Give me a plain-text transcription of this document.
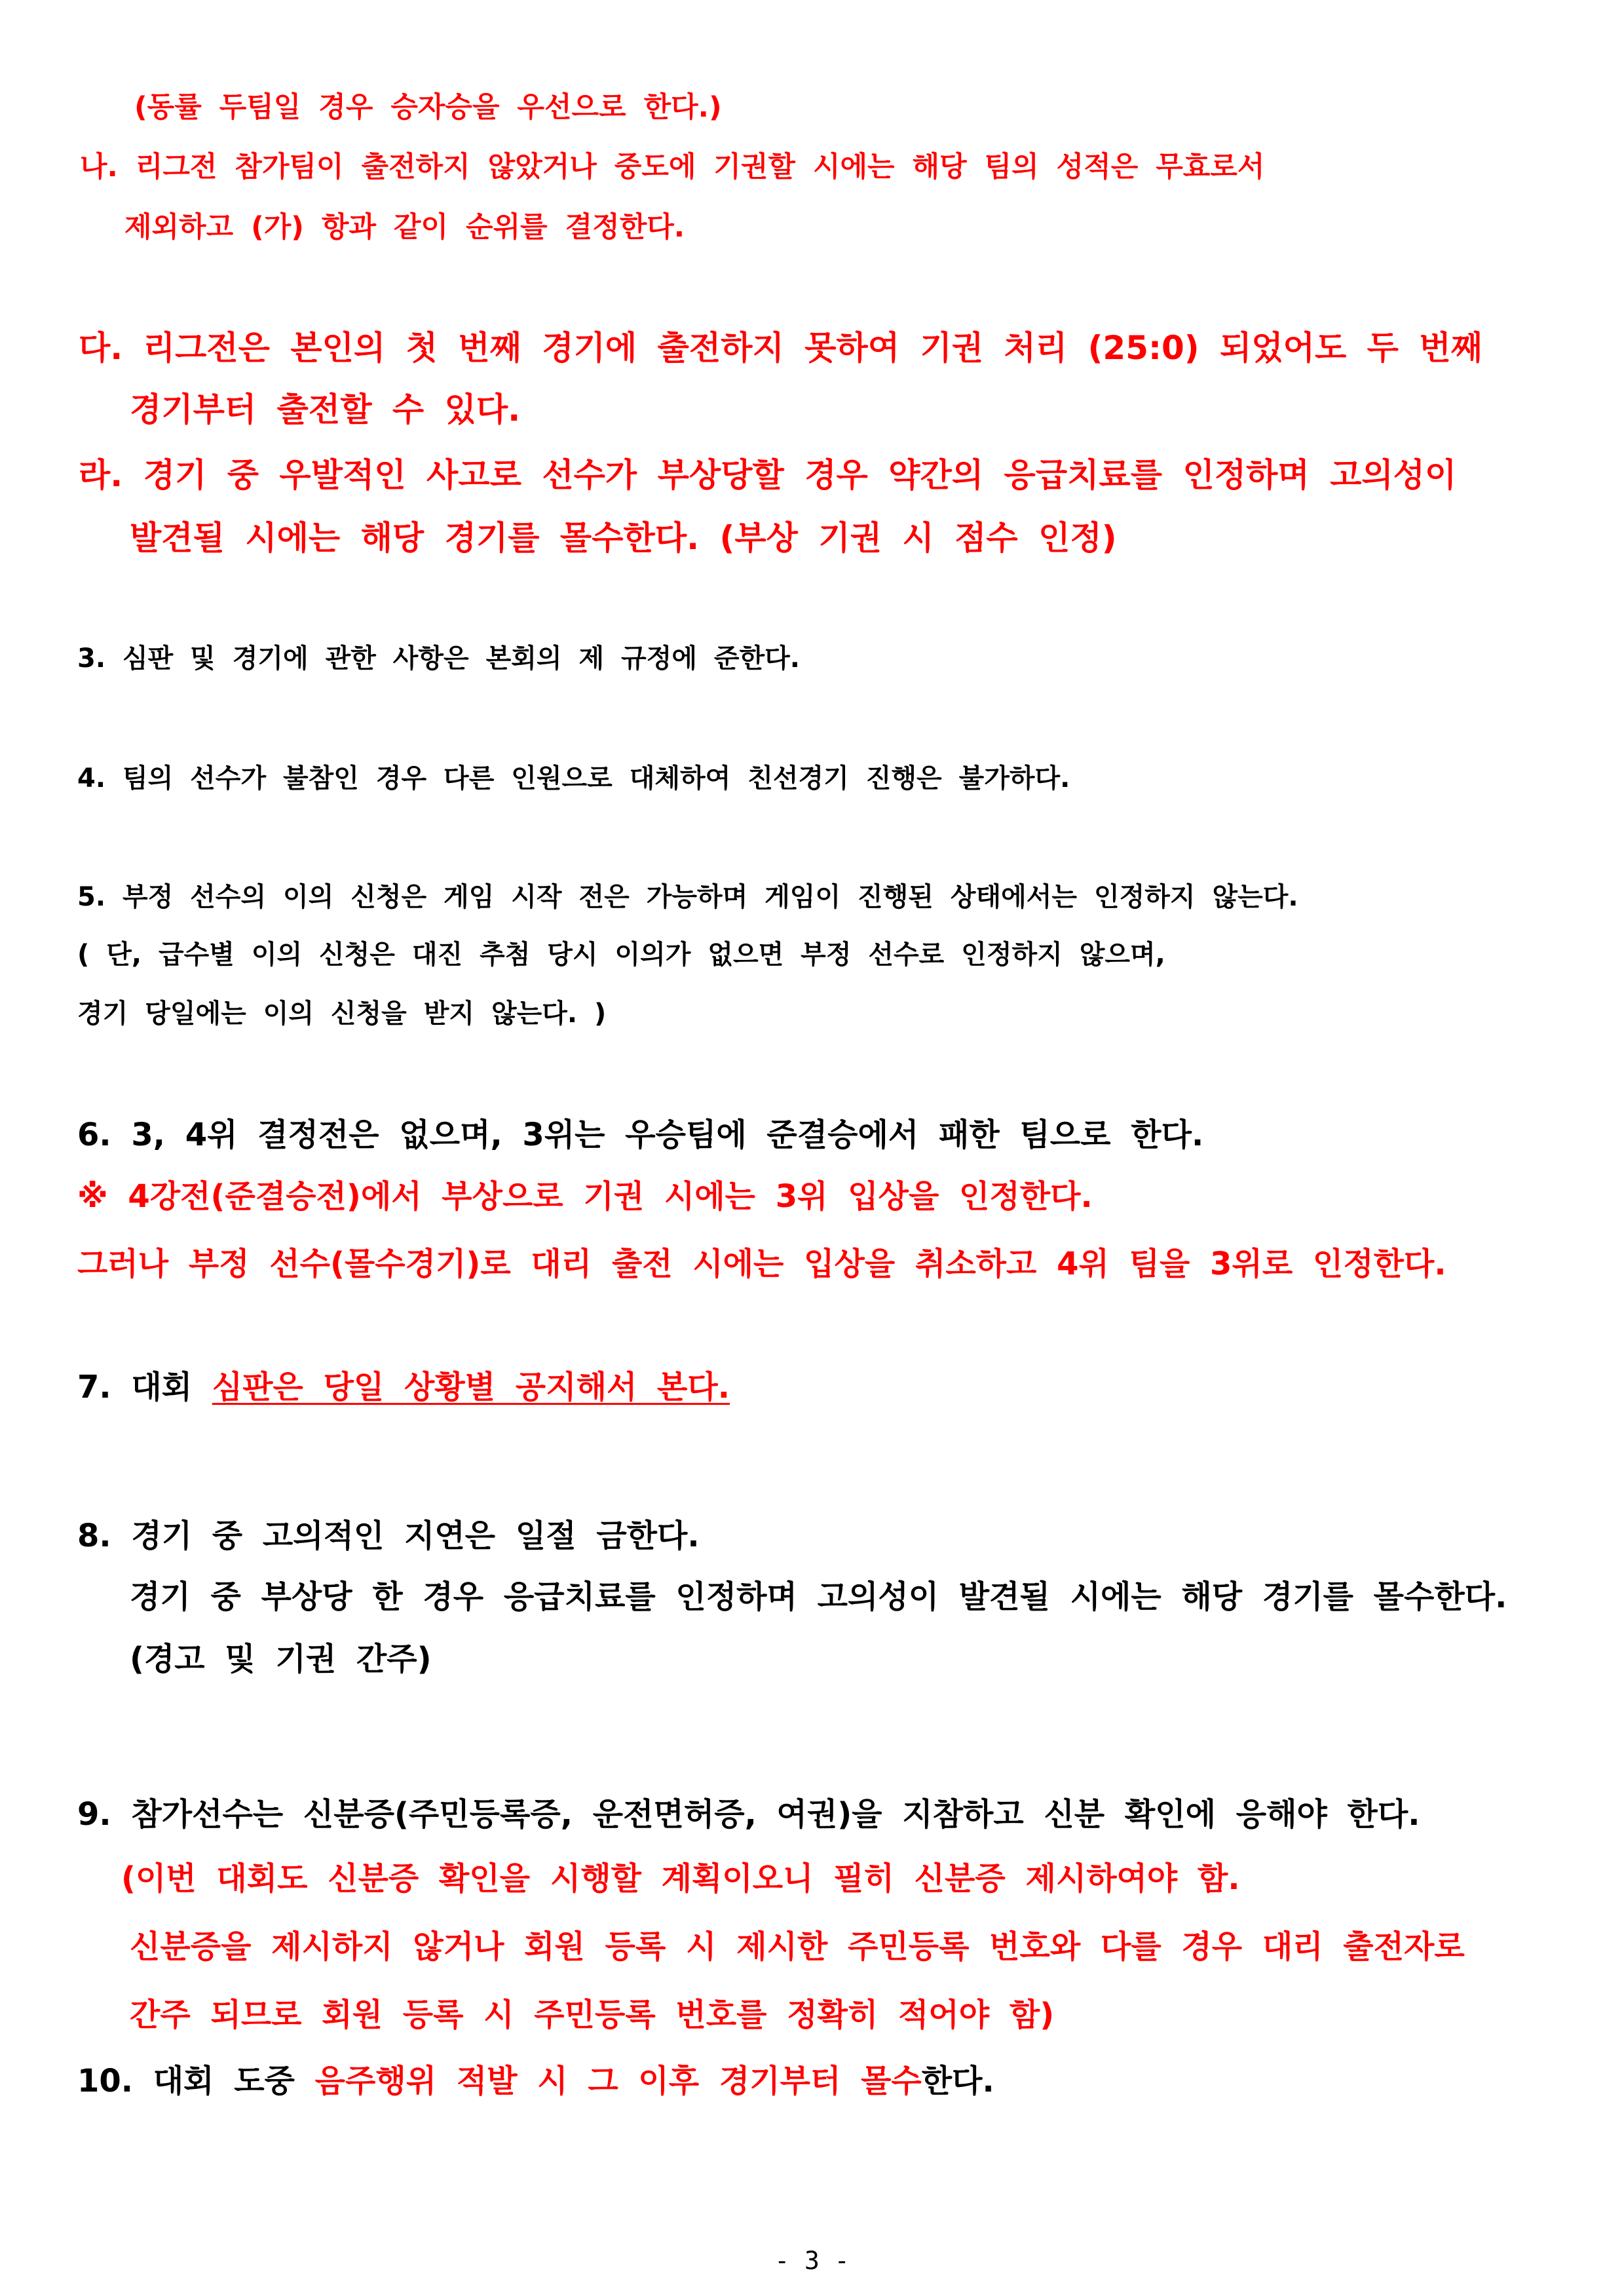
(동률 두팀일 경우 승자승을 우선으로 한다.)
나. 리그전 참가팀이 출전하지 않았거나 중도에 기권할 시에는 해당 팀의 성적은 무효로서
제외하고 (가) 항과 같이 순위를 결정한다.
다. 리그전은 본인의 첫 번째 경기에 출전하지 못하여 기권 처리 (25:0) 되었어도 두 번째
경기부터 출전할 수 있다.
라. 경기 중 우발적인 사고로 선수가 부상당할 경우 약간의 응급치료를 인정하며 고의성이
발견될 시에는 해당 경기를 몰수한다. (부상 기권 시 점수 인정)
3. 심판 및 경기에 관한 사항은 본회의 제 규정에 준한다.
4. 팀의 선수가 불참인 경우 다른 인원으로 대체하여 친선경기 진행은 불가하다.
5. 부정 선수의 이의 신청은 게임 시작 전은 가능하며 게임이 진행된 상태에서는 인정하지 않는다.
( 단, 급수별 이의 신청은 대진 추첨 당시 이의가 없으면 부정 선수로 인정하지 않으며,
경기 당일에는 이의 신청을 받지 않는다. )
6. 3, 4위 결정전은 없으며, 3위는 우승팀에 준결승에서 패한 팀으로 한다.
※ 4강전(준결승전)에서 부상으로 기권 시에는 3위 입상을 인정한다.
그러나 부정 선수(몰수경기)로 대리 출전 시에는 입상을 취소하고 4위 팀을 3위로 인정한다.
7. 대회 심판은 당일 상황별 공지해서 본다.
8. 경기 중 고의적인 지연은 일절 금한다.
경기 중 부상당 한 경우 응급치료를 인정하며 고의성이 발견될 시에는 해당 경기를 몰수한다.
(경고 및 기권 간주)
9. 참가선수는 신분증(주민등록증, 운전면허증, 여권)을 지참하고 신분 확인에 응해야 한다.
(이번 대회도 신분증 확인을 시행할 계획이오니 필히 신분증 제시하여야 함.
신분증을 제시하지 않거나 회원 등록 시 제시한 주민등록 번호와 다를 경우 대리 출전자로
간주 되므로 회원 등록 시 주민등록 번호를 정확히 적어야 함)
10. 대회 도중 음주행위 적발 시 그 이후 경기부터 몰수한다.
- 3 -
